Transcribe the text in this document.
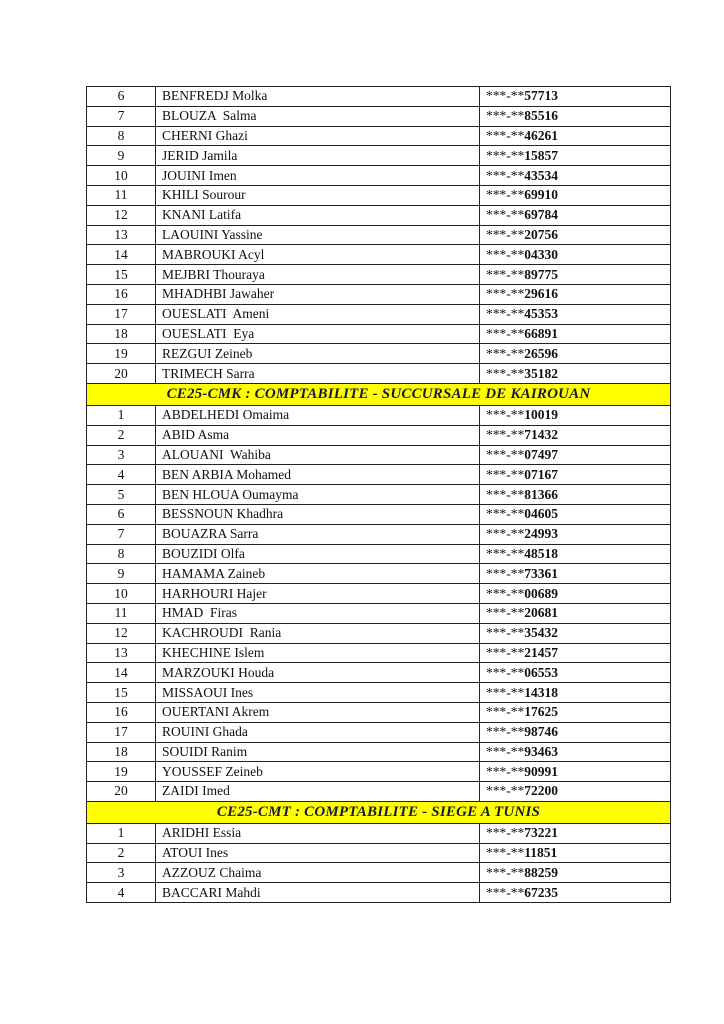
6	BENFREDJ Molka	***-**57713
7	BLOUZA  Salma	***-**85516
8	CHERNI Ghazi	***-**46261
9	JERID Jamila	***-**15857
10	JOUINI Imen	***-**43534
11	KHILI Sourour	***-**69910
12	KNANI Latifa	***-**69784
13	LAOUINI Yassine	***-**20756
14	MABROUKI Acyl	***-**04330
15	MEJBRI Thouraya	***-**89775
16	MHADHBI Jawaher	***-**29616
17	OUESLATI  Ameni	***-**45353
18	OUESLATI  Eya	***-**66891
19	REZGUI Zeineb	***-**26596
20	TRIMECH Sarra	***-**35182
CE25-CMK : COMPTABILITE - SUCCURSALE DE KAIROUAN		
1	ABDELHEDI Omaima	***-**10019
2	ABID Asma	***-**71432
3	ALOUANI  Wahiba	***-**07497
4	BEN ARBIA Mohamed	***-**07167
5	BEN HLOUA Oumayma	***-**81366
6	BESSNOUN Khadhra	***-**04605
7	BOUAZRA Sarra	***-**24993
8	BOUZIDI Olfa	***-**48518
9	HAMAMA Zaineb	***-**73361
10	HARHOURI Hajer	***-**00689
11	HMAD  Firas	***-**20681
12	KACHROUDI  Rania	***-**35432
13	KHECHINE Islem	***-**21457
14	MARZOUKI Houda	***-**06553
15	MISSAOUI Ines	***-**14318
16	OUERTANI Akrem	***-**17625
17	ROUINI Ghada	***-**98746
18	SOUIDI Ranim	***-**93463
19	YOUSSEF Zeineb	***-**90991
20	ZAIDI Imed	***-**72200
CE25-CMT : COMPTABILITE - SIEGE A TUNIS		
1	ARIDHI Essia	***-**73221
2	ATOUI Ines	***-**11851
3	AZZOUZ Chaima	***-**88259
4	BACCARI Mahdi	***-**67235
